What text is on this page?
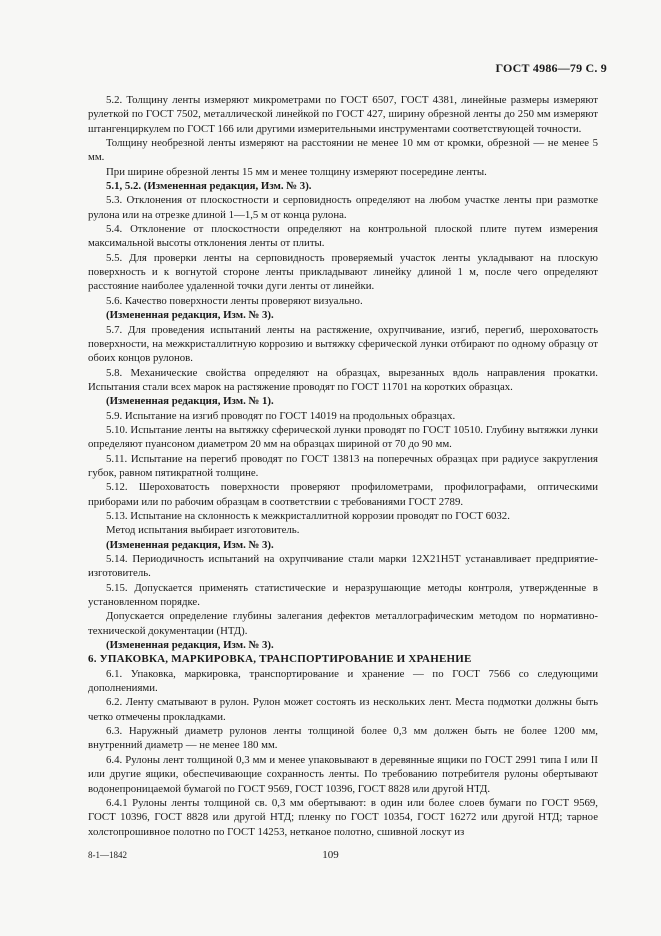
ГОСТ 4986—79 С. 9

5.2. Толщину ленты измеряют микрометрами по ГОСТ 6507, ГОСТ 4381, линейные размеры измеряют рулеткой по ГОСТ 7502, металлической линейкой по ГОСТ 427, ширину обрезной ленты до 250 мм измеряют штангенциркулем по ГОСТ 166 или другими измерительными инструментами соответствующей точности.

Толщину необрезной ленты измеряют на расстоянии не менее 10 мм от кромки, обрезной — не менее 5 мм.

При ширине обрезной ленты 15 мм и менее толщину измеряют посередине ленты.

5.1, 5.2. (Измененная редакция, Изм. № 3).

5.3. Отклонения от плоскостности и серповидность определяют на любом участке ленты при размотке рулона или на отрезке длиной 1—1,5 м от конца рулона.

5.4. Отклонение от плоскостности определяют на контрольной плоской плите путем измерения максимальной высоты отклонения ленты от плиты.

5.5. Для проверки ленты на серповидность проверяемый участок ленты укладывают на плоскую поверхность и к вогнутой стороне ленты прикладывают линейку длиной 1 м, после чего определяют расстояние наиболее удаленной точки дуги ленты от линейки.

5.6. Качество поверхности ленты проверяют визуально.

(Измененная редакция, Изм. № 3).

5.7. Для проведения испытаний ленты на растяжение, охрупчивание, изгиб, перегиб, шероховатость поверхности, на межкристаллитную коррозию и вытяжку сферической лунки отбирают по одному образцу от обоих концов рулонов.

5.8. Механические свойства определяют на образцах, вырезанных вдоль направления прокатки. Испытания стали всех марок на растяжение проводят по ГОСТ 11701 на коротких образцах.

(Измененная редакция, Изм. № 1).

5.9. Испытание на изгиб проводят по ГОСТ 14019 на продольных образцах.

5.10. Испытание ленты на вытяжку сферической лунки проводят по ГОСТ 10510. Глубину вытяжки лунки определяют пуансоном диаметром 20 мм на образцах шириной от 70 до 90 мм.

5.11. Испытание на перегиб проводят по ГОСТ 13813 на поперечных образцах при радиусе закругления губок, равном пятикратной толщине.

5.12. Шероховатость поверхности проверяют профилометрами, профилографами, оптическими приборами или по рабочим образцам в соответствии с требованиями ГОСТ 2789.

5.13. Испытание на склонность к межкристаллитной коррозии проводят по ГОСТ 6032.

Метод испытания выбирает изготовитель.

(Измененная редакция, Изм. № 3).

5.14. Периодичность испытаний на охрупчивание стали марки 12Х21Н5Т устанавливает предприятие-изготовитель.

5.15. Допускается применять статистические и неразрушающие методы контроля, утвержденные в установленном порядке.

Допускается определение глубины залегания дефектов металлографическим методом по нормативно-технической документации (НТД).

(Измененная редакция, Изм. № 3).

6. УПАКОВКА, МАРКИРОВКА, ТРАНСПОРТИРОВАНИЕ И ХРАНЕНИЕ

6.1. Упаковка, маркировка, транспортирование и хранение — по ГОСТ 7566 со следующими дополнениями.

6.2. Ленту сматывают в рулон. Рулон может состоять из нескольких лент. Места подмотки должны быть четко отмечены прокладками.

6.3. Наружный диаметр рулонов ленты толщиной более 0,3 мм должен быть не более 1200 мм, внутренний диаметр — не менее 180 мм.

6.4. Рулоны лент толщиной 0,3 мм и менее упаковывают в деревянные ящики по ГОСТ 2991 типа I или II или другие ящики, обеспечивающие сохранность ленты. По требованию потребителя рулоны обертывают водонепроницаемой бумагой по ГОСТ 9569, ГОСТ 10396, ГОСТ 8828 или другой НТД.

6.4.1 Рулоны ленты толщиной св. 0,3 мм обертывают: в один или более слоев бумаги по ГОСТ 9569, ГОСТ 10396, ГОСТ 8828 или другой НТД; пленку по ГОСТ 10354, ГОСТ 16272 или другой НТД; тарное холстопрошивное полотно по ГОСТ 14253, нетканое полотно, сшивной лоскут из

8-1—1842	109
